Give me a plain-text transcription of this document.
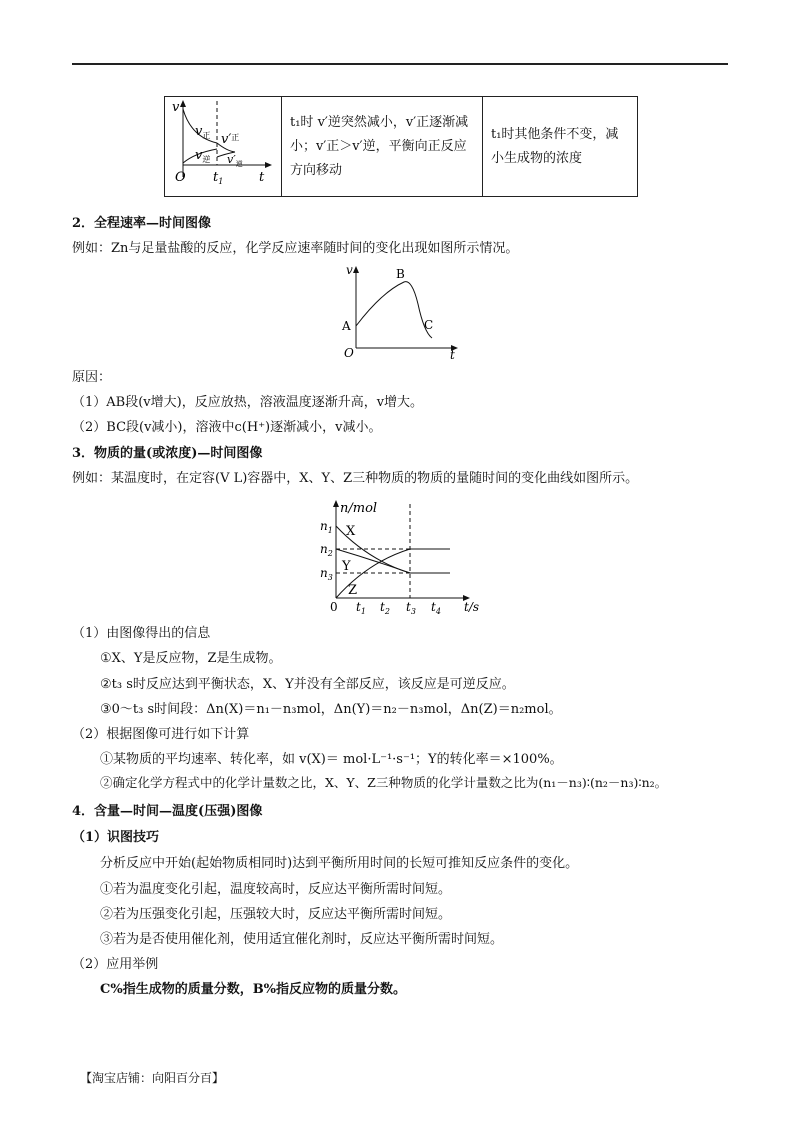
v
$v_正$ $v'^正$
$v_逆$ $v'_逆$
O $t_1$	t

t₁时 v′逆突然减小，v′正逐渐减
小；v′正＞v′逆，平衡向正反应
方向移动

t₁时其他条件不变，减
小生成物的浓度
2．全程速率—时间图像
例如：Zn与足量盐酸的反应，化学反应速率随时间的变化出现如图所示情况。
v
A
B
C
O	t
原因：
（1）AB段(v增大)，反应放热，溶液温度逐渐升高，v增大。
（2）BC段(v减小)，溶液中c(H⁺)逐渐减小，v减小。
3．物质的量(或浓度)—时间图像
例如：某温度时，在定容(V L)容器中，X、Y、Z三种物质的物质的量随时间的变化曲线如图所示。
n/mol
$n_1$
$n_2$
$n_3$
X
Y
Z
0 $t_1$ $t_2$ $t_3$ $t_4$ t/s
（1）由图像得出的信息
①X、Y是反应物，Z是生成物。
②t₃ s时反应达到平衡状态，X、Y并没有全部反应，该反应是可逆反应。
③0～t₃ s时间段：Δn(X)＝n₁－n₃mol，Δn(Y)＝n₂－n₃mol，Δn(Z)＝n₂mol。
（2）根据图像可进行如下计算
①某物质的平均速率、转化率，如 v(X)＝ mol·L⁻¹·s⁻¹；Y的转化率＝×100%。
②确定化学方程式中的化学计量数之比，X、Y、Z三种物质的化学计量数之比为(n₁－n₃)∶(n₂－n₃)∶n₂。
4．含量—时间—温度(压强)图像
（1）识图技巧
分析反应中开始(起始物质相同时)达到平衡所用时间的长短可推知反应条件的变化。
①若为温度变化引起，温度较高时，反应达平衡所需时间短。
②若为压强变化引起，压强较大时，反应达平衡所需时间短。
③若为是否使用催化剂，使用适宜催化剂时，反应达平衡所需时间短。
（2）应用举例
C%指生成物的质量分数，B%指反应物的质量分数。
【淘宝店铺：向阳百分百】
